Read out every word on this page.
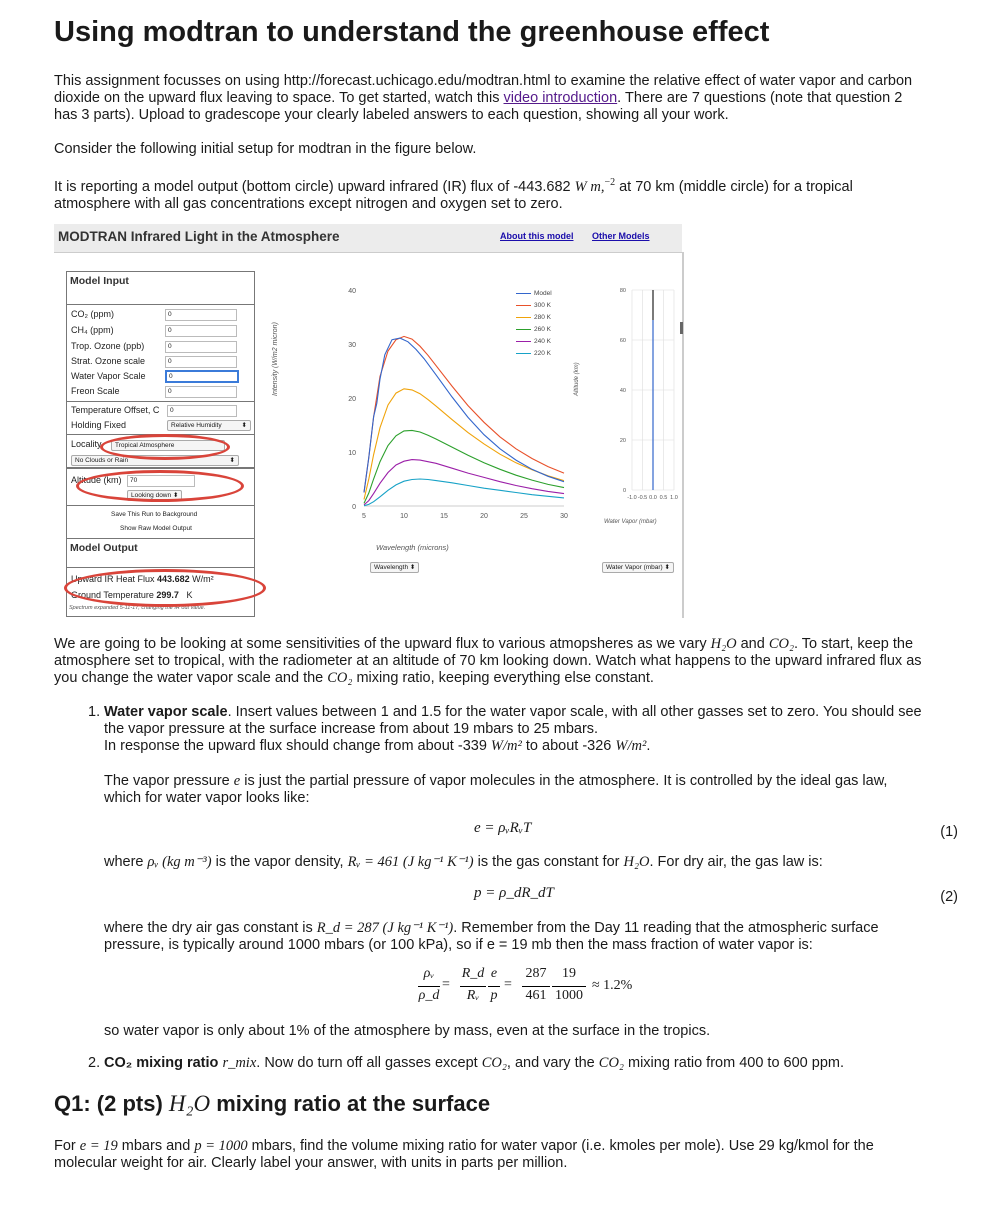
Using modtran to understand the greenhouse effect

This assignment focusses on using http://forecast.uchicago.edu/modtran.html to examine the relative effect of water vapor and carbon

dioxide on the upward flux leaving to space. To get started, watch this video introduction. There are 7 questions (note that question 2

has 3 parts). Upload to gradescope your clearly labeled answers to each question, showing all your work.

Consider the following initial setup for modtran in the figure below.

It is reporting a model output (bottom circle) upward infrared (IR) flux of -443.682 W m,$^{-2}$ at 70 km (middle circle) for a tropical

atmosphere with all gas concentrations except nitrogen and oxygen set to zero.

MODTRAN Infrared Light in the Atmosphere	About this model Other Models
Model Input
CO₂ (ppm)	0
CH₄ (ppm)	0
Trop. Ozone (ppb)	0
Strat. Ozone scale	0
Water Vapor Scale	0
Freon Scale	0
Temperature Offset, C	0
Holding Fixed	Relative Humidity	⬍
Locality	Tropical Atmosphere
No Clouds or Rain	⬍
Altitude (km)	70
Looking down ⬍
Save This Run to Background
Show Raw Model Output
Model Output
Upward IR Heat Flux 443.682 W/m²
Ground Temperature 299.7 K
Spectrum expanded 5-11-17, changing the IR out value.
5	10	15	20	25	30
0
10
20
30
40
Intensity (W/m2 micron)
Wavelength (microns)
Model
300 K
280 K
260 K
240 K
220 K
-1.0 -0.5 0.0 0.5 1.0
0
20
40
60
80
Altitude (km)
Water Vapor (mbar)
Wavelength ⬍	Water Vapor (mbar) ⬍

We are going to be looking at some sensitivities of the upward flux to various atmopsheres as we vary H₂O and CO₂. To start, keep the

atmosphere set to tropical, with the radiometer at an altitude of 70 km looking down. Watch what happens to the upward infrared flux as

you change the water vapor scale and the CO₂ mixing ratio, keeping everything else constant.

1. Water vapor scale. Insert values between 1 and 1.5 for the water vapor scale, with all other gasses set to zero. You should see

the vapor pressure at the surface increase from about 19 mbars to 25 mbars.

In response the upward flux should change from about -339 W/m² to about -326 W/m².

The vapor pressure e is just the partial pressure of vapor molecules in the atmosphere. It is controlled by the ideal gas law,

which for water vapor looks like:

e = ρᵥRᵥT	(1)

where ρᵥ (kg m⁻³) is the vapor density, Rᵥ = 461 (J kg⁻¹ K⁻¹) is the gas constant for H₂O. For dry air, the gas law is:

p = ρ_dR_dT	(2)

where the dry air gas constant is R_d = 287 (J kg⁻¹ K⁻¹). Remember from the Day 11 reading that the atmospheric surface

pressure, is typically around 1000 mbars (or 100 kPa), so if e = 19 mb then the mass fraction of water vapor is:

ρᵥ
ρ_d
=
R_d
Rᵥ
e
p
=
287
461
19
1000
≈ 1.2%

so water vapor is only about 1% of the atmosphere by mass, even at the surface in the tropics.

2. CO₂ mixing ratio r_mix. Now do turn off all gasses except CO₂, and vary the CO₂ mixing ratio from 400 to 600 ppm.

Q1: (2 pts) H₂O mixing ratio at the surface

For e = 19 mbars and p = 1000 mbars, find the volume mixing ratio for water vapor (i.e. kmoles per mole). Use 29 kg/kmol for the

molecular weight for air. Clearly label your answer, with units in parts per million.
